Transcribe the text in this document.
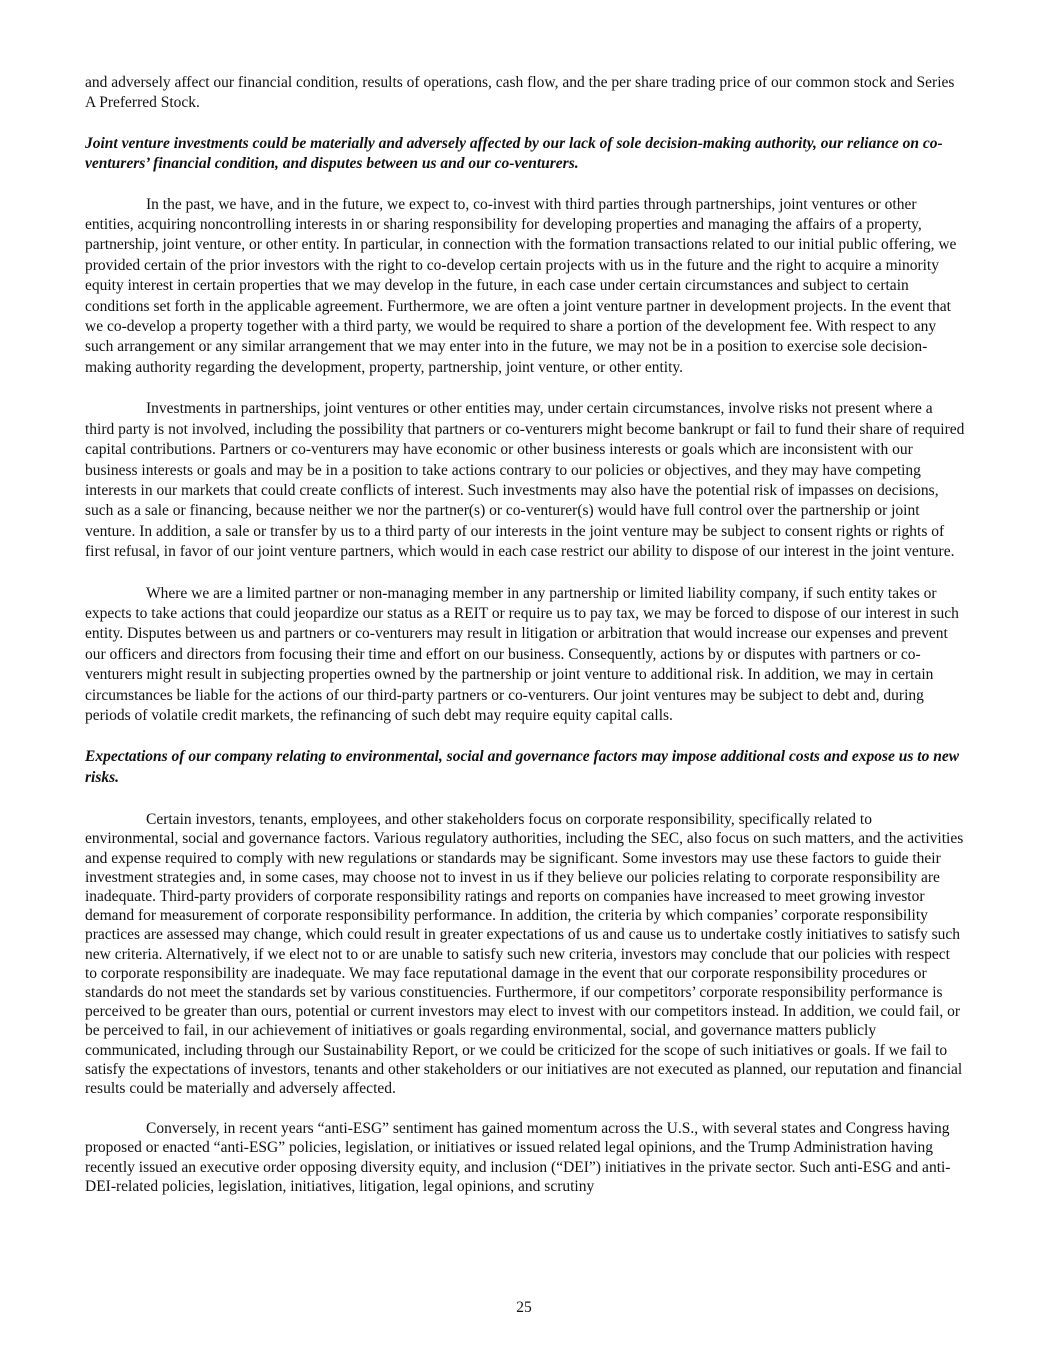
and adversely affect our financial condition, results of operations, cash flow, and the per share trading price of our common stock and Series A Preferred Stock.

Joint venture investments could be materially and adversely affected by our lack of sole decision-making authority, our reliance on co-venturers’ financial condition, and disputes between us and our co-venturers.

In the past, we have, and in the future, we expect to, co-invest with third parties through partnerships, joint ventures or other entities, acquiring noncontrolling interests in or sharing responsibility for developing properties and managing the affairs of a property, partnership, joint venture, or other entity. In particular, in connection with the formation transactions related to our initial public offering, we provided certain of the prior investors with the right to co-develop certain projects with us in the future and the right to acquire a minority equity interest in certain properties that we may develop in the future, in each case under certain circumstances and subject to certain conditions set forth in the applicable agreement. Furthermore, we are often a joint venture partner in development projects. In the event that we co-develop a property together with a third party, we would be required to share a portion of the development fee. With respect to any such arrangement or any similar arrangement that we may enter into in the future, we may not be in a position to exercise sole decision-making authority regarding the development, property, partnership, joint venture, or other entity.

Investments in partnerships, joint ventures or other entities may, under certain circumstances, involve risks not present where a third party is not involved, including the possibility that partners or co-venturers might become bankrupt or fail to fund their share of required capital contributions. Partners or co-venturers may have economic or other business interests or goals which are inconsistent with our business interests or goals and may be in a position to take actions contrary to our policies or objectives, and they may have competing interests in our markets that could create conflicts of interest. Such investments may also have the potential risk of impasses on decisions, such as a sale or financing, because neither we nor the partner(s) or co-venturer(s) would have full control over the partnership or joint venture. In addition, a sale or transfer by us to a third party of our interests in the joint venture may be subject to consent rights or rights of first refusal, in favor of our joint venture partners, which would in each case restrict our ability to dispose of our interest in the joint venture.

Where we are a limited partner or non-managing member in any partnership or limited liability company, if such entity takes or expects to take actions that could jeopardize our status as a REIT or require us to pay tax, we may be forced to dispose of our interest in such entity. Disputes between us and partners or co-venturers may result in litigation or arbitration that would increase our expenses and prevent our officers and directors from focusing their time and effort on our business. Consequently, actions by or disputes with partners or co-venturers might result in subjecting properties owned by the partnership or joint venture to additional risk. In addition, we may in certain circumstances be liable for the actions of our third-party partners or co-venturers. Our joint ventures may be subject to debt and, during periods of volatile credit markets, the refinancing of such debt may require equity capital calls.

Expectations of our company relating to environmental, social and governance factors may impose additional costs and expose us to new risks.

Certain investors, tenants, employees, and other stakeholders focus on corporate responsibility, specifically related to environmental, social and governance factors. Various regulatory authorities, including the SEC, also focus on such matters, and the activities and expense required to comply with new regulations or standards may be significant. Some investors may use these factors to guide their investment strategies and, in some cases, may choose not to invest in us if they believe our policies relating to corporate responsibility are inadequate. Third-party providers of corporate responsibility ratings and reports on companies have increased to meet growing investor demand for measurement of corporate responsibility performance. In addition, the criteria by which companies’ corporate responsibility practices are assessed may change, which could result in greater expectations of us and cause us to undertake costly initiatives to satisfy such new criteria. Alternatively, if we elect not to or are unable to satisfy such new criteria, investors may conclude that our policies with respect to corporate responsibility are inadequate. We may face reputational damage in the event that our corporate responsibility procedures or standards do not meet the standards set by various constituencies. Furthermore, if our competitors’ corporate responsibility performance is perceived to be greater than ours, potential or current investors may elect to invest with our competitors instead. In addition, we could fail, or be perceived to fail, in our achievement of initiatives or goals regarding environmental, social, and governance matters publicly communicated, including through our Sustainability Report, or we could be criticized for the scope of such initiatives or goals. If we fail to satisfy the expectations of investors, tenants and other stakeholders or our initiatives are not executed as planned, our reputation and financial results could be materially and adversely affected.

Conversely, in recent years “anti-ESG” sentiment has gained momentum across the U.S., with several states and Congress having proposed or enacted “anti-ESG” policies, legislation, or initiatives or issued related legal opinions, and the Trump Administration having recently issued an executive order opposing diversity equity, and inclusion (“DEI”) initiatives in the private sector. Such anti-ESG and anti-DEI-related policies, legislation, initiatives, litigation, legal opinions, and scrutiny

25
